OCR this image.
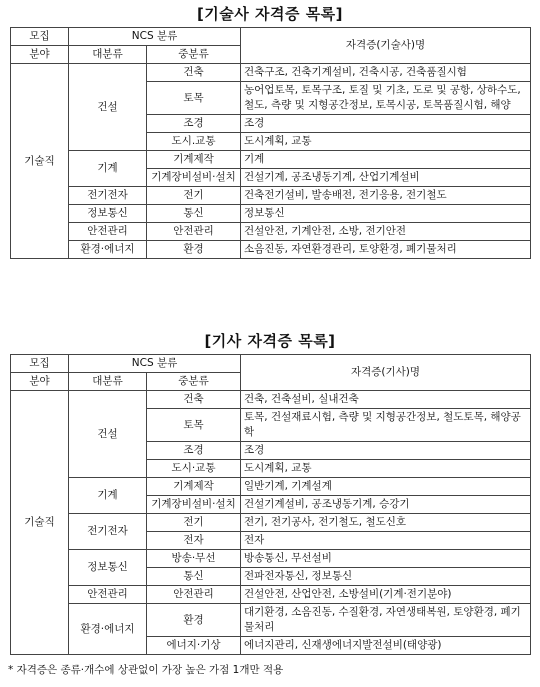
[기술사 자격증 목록]
모집	NCS 분류		자격증(기술사)명
분야	대분류	중분류	
기술직	건설	건축	건축구조, 건축기계설비, 건축시공, 건축품질시험
		토목	농어업토목, 토목구조, 토질 및 기초, 도로 및 공항, 상하수도, 철도, 측량 및 지형공간정보, 토목시공, 토목품질시험, 해양
		조경	조경
		도시.교통	도시계획, 교통
	기계	기계제작	기계
		기계장비설비·설치	건설기계, 공조냉동기계, 산업기계설비
	전기전자	전기	건축전기설비, 발송배전, 전기응용, 전기철도
	정보통신	통신	정보통신
	안전관리	안전관리	건설안전, 기계안전, 소방, 전기안전
	환경·에너지	환경	소음진동, 자연환경관리, 토양환경, 폐기물처리
[기사 자격증 목록]
모집	NCS 분류		자격증(기사)명
분야	대분류	중분류	
기술직	건설	건축	건축, 건축설비, 실내건축
		토목	토목, 건설재료시험, 측량 및 지형공간정보, 철도토목, 해양공학
		조경	조경
		도시·교통	도시계획, 교통
	기계	기계제작	일반기계, 기계설계
		기계장비설비·설치	건설기계설비, 공조냉동기계, 승강기
	전기전자	전기	전기, 전기공사, 전기철도, 철도신호
		전자	전자
	정보통신	방송·무선	방송통신, 무선설비
		통신	전파전자통신, 정보통신
	안전관리	안전관리	건설안전, 산업안전, 소방설비(기계·전기분야)
	환경·에너지	환경	대기환경, 소음진동, 수질환경, 자연생태복원, 토양환경, 폐기물처리
		에너지·기상	에너지관리, 신재생에너지발전설비(태양광)
* 자격증은 종류·개수에 상관없이 가장 높은 가점 1개만 적용
